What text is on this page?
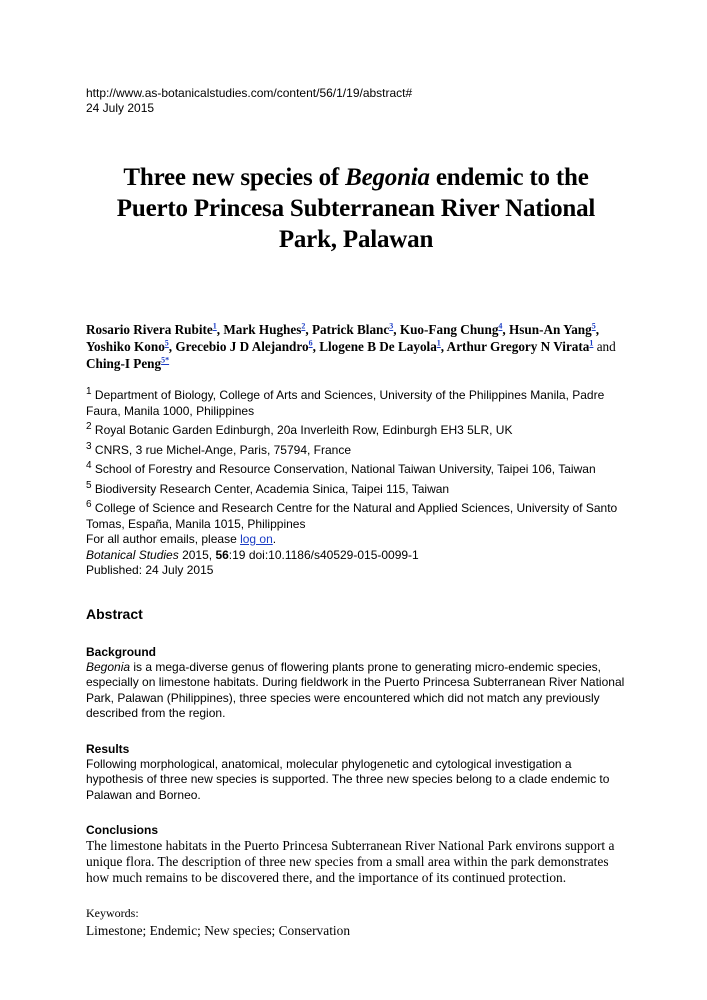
http://www.as-botanicalstudies.com/content/56/1/19/abstract#
24 July 2015
Three new species of Begonia endemic to the Puerto Princesa Subterranean River National Park, Palawan
Rosario Rivera Rubite$^1$, Mark Hughes$^2$, Patrick Blanc$^3$, Kuo-Fang Chung$^4$, Hsun-An Yang$^5$, Yoshiko Kono$^5$, Grecebio J D Alejandro$^6$, Llogene B De Layola$^1$, Arthur Gregory N Virata$^1$ and Ching-I Peng$^{5*}$

$^1$ Department of Biology, College of Arts and Sciences, University of the Philippines Manila, Padre Faura, Manila 1000, Philippines

$^2$ Royal Botanic Garden Edinburgh, 20a Inverleith Row, Edinburgh EH3 5LR, UK

$^3$ CNRS, 3 rue Michel-Ange, Paris, 75794, France

$^4$ School of Forestry and Resource Conservation, National Taiwan University, Taipei 106, Taiwan

$^5$ Biodiversity Research Center, Academia Sinica, Taipei 115, Taiwan

$^6$ College of Science and Research Centre for the Natural and Applied Sciences, University of Santo Tomas, España, Manila 1015, Philippines

For all author emails, please log on.

Botanical Studies 2015, 56:19 doi:10.1186/s40529-015-0099-1

Published: 24 July 2015

Abstract
Background

Begonia is a mega-diverse genus of flowering plants prone to generating micro-endemic species, especially on limestone habitats. During fieldwork in the Puerto Princesa Subterranean River National Park, Palawan (Philippines), three species were encountered which did not match any previously described from the region.

Results

Following morphological, anatomical, molecular phylogenetic and cytological investigation a hypothesis of three new species is supported. The three new species belong to a clade endemic to Palawan and Borneo.

Conclusions

The limestone habitats in the Puerto Princesa Subterranean River National Park environs support a unique flora. The description of three new species from a small area within the park demonstrates how much remains to be discovered there, and the importance of its continued protection.

Keywords:
Limestone; Endemic; New species; Conservation
